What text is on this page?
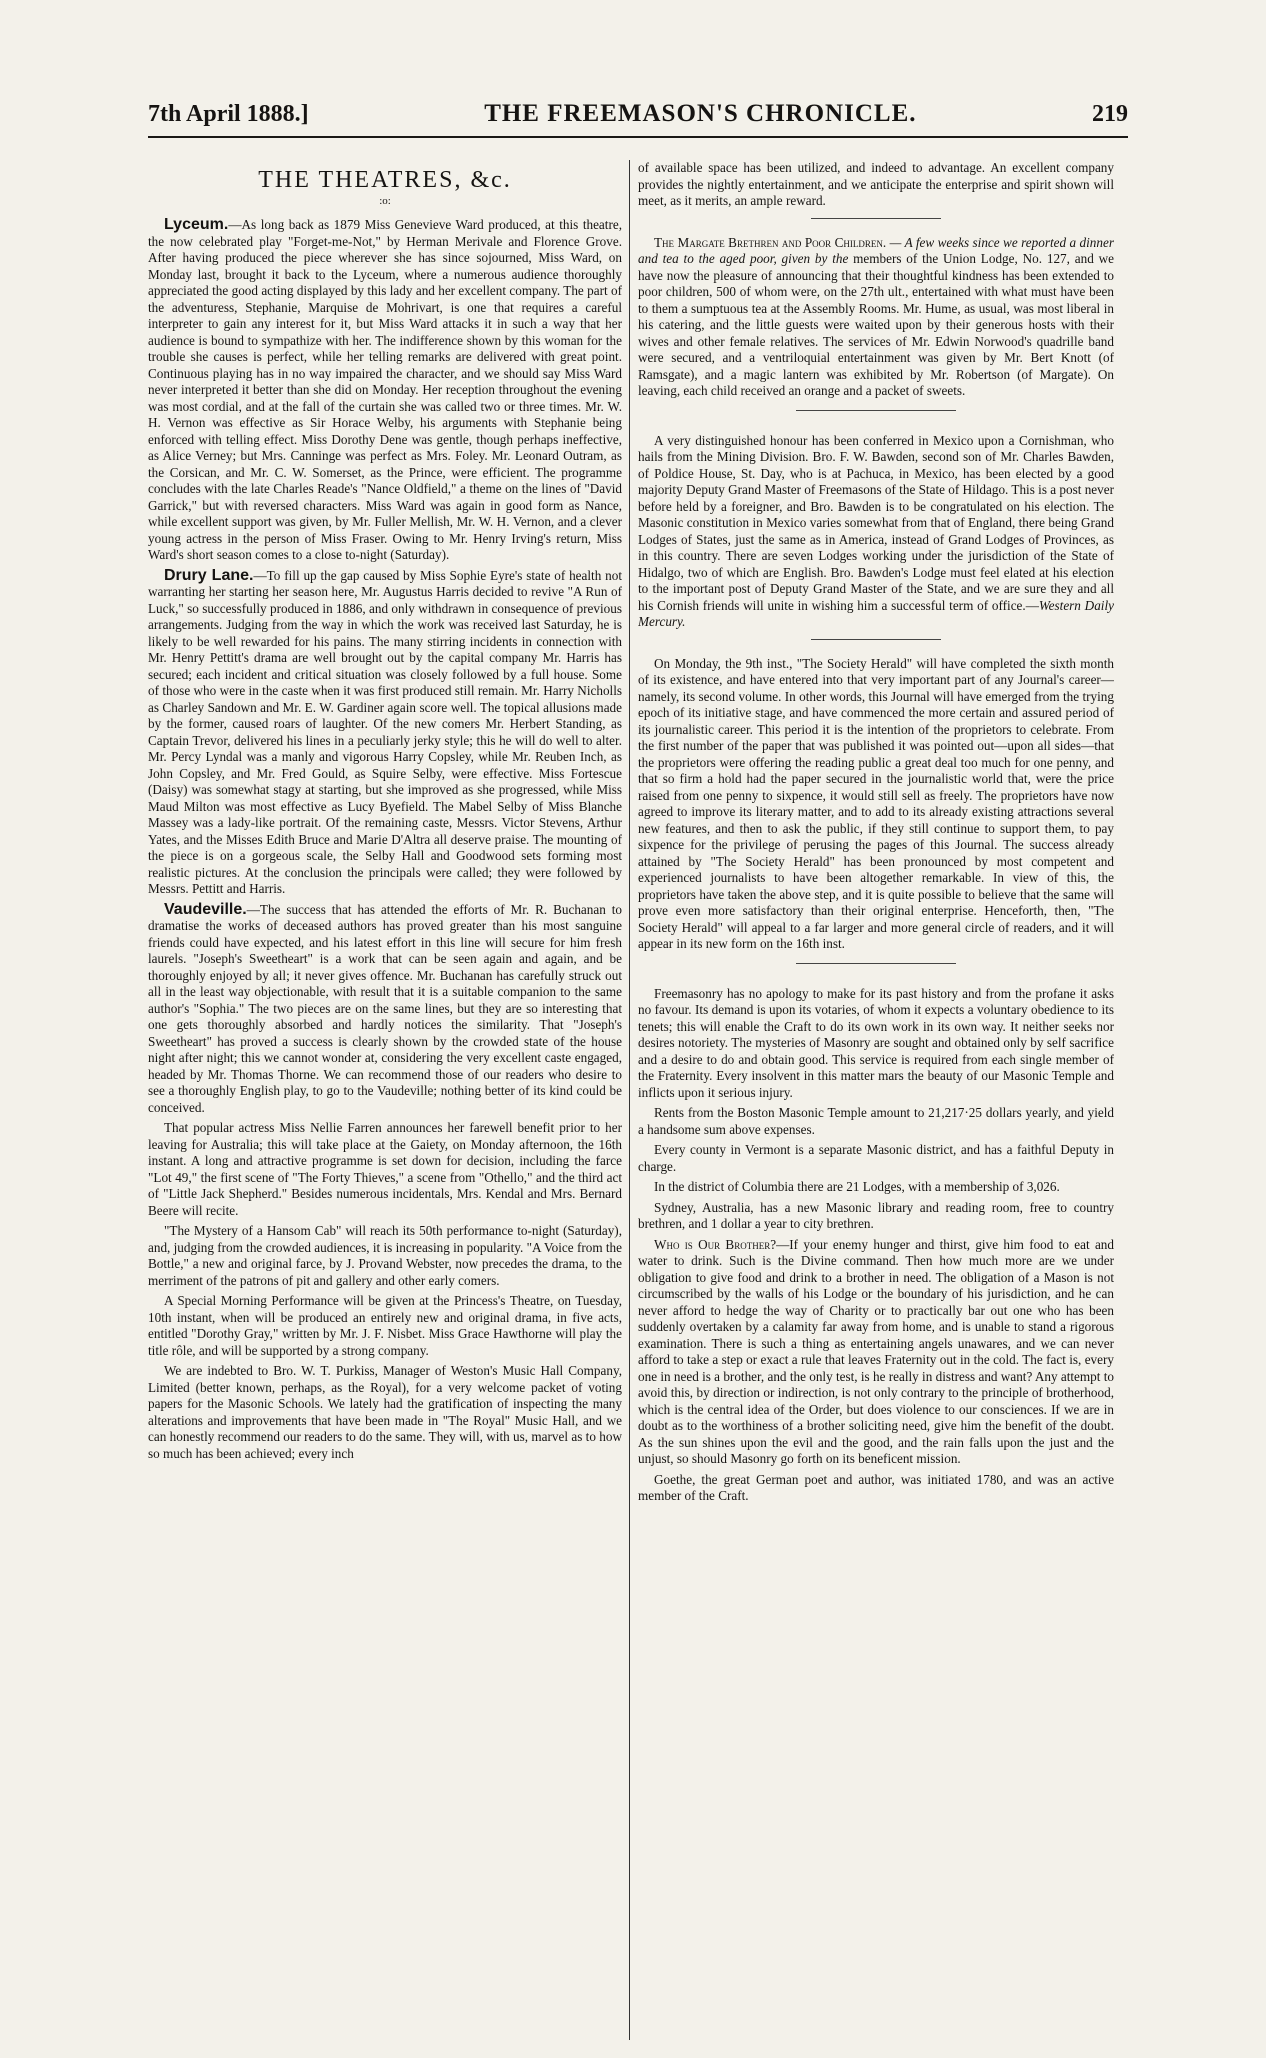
7th April 1888.]	THE FREEMASON'S CHRONICLE.	219
THE THEATRES, &c.
:o:

Lyceum.—As long back as 1879 Miss Genevieve Ward produced, at this theatre, the now celebrated play "Forget-me-Not," by Herman Merivale and Florence Grove. After having produced the piece wherever she has since sojourned, Miss Ward, on Monday last, brought it back to the Lyceum, where a numerous audience thoroughly appreciated the good acting displayed by this lady and her excellent company. The part of the adventuress, Stephanie, Marquise de Mohrivart, is one that requires a careful interpreter to gain any interest for it, but Miss Ward attacks it in such a way that her audience is bound to sympathize with her. The indifference shown by this woman for the trouble she causes is perfect, while her telling remarks are delivered with great point. Continuous playing has in no way impaired the character, and we should say Miss Ward never interpreted it better than she did on Monday. Her reception throughout the evening was most cordial, and at the fall of the curtain she was called two or three times. Mr. W. H. Vernon was effective as Sir Horace Welby, his arguments with Stephanie being enforced with telling effect. Miss Dorothy Dene was gentle, though perhaps ineffective, as Alice Verney; but Mrs. Canninge was perfect as Mrs. Foley. Mr. Leonard Outram, as the Corsican, and Mr. C. W. Somerset, as the Prince, were efficient. The programme concludes with the late Charles Reade's "Nance Oldfield," a theme on the lines of "David Garrick," but with reversed characters. Miss Ward was again in good form as Nance, while excellent support was given, by Mr. Fuller Mellish, Mr. W. H. Vernon, and a clever young actress in the person of Miss Fraser. Owing to Mr. Henry Irving's return, Miss Ward's short season comes to a close to-night (Saturday).

Drury Lane.—To fill up the gap caused by Miss Sophie Eyre's state of health not warranting her starting her season here, Mr. Augustus Harris decided to revive "A Run of Luck," so successfully produced in 1886, and only withdrawn in consequence of previous arrangements. Judging from the way in which the work was received last Saturday, he is likely to be well rewarded for his pains. The many stirring incidents in connection with Mr. Henry Pettitt's drama are well brought out by the capital company Mr. Harris has secured; each incident and critical situation was closely followed by a full house. Some of those who were in the caste when it was first produced still remain. Mr. Harry Nicholls as Charley Sandown and Mr. E. W. Gardiner again score well. The topical allusions made by the former, caused roars of laughter. Of the new comers Mr. Herbert Standing, as Captain Trevor, delivered his lines in a peculiarly jerky style; this he will do well to alter. Mr. Percy Lyndal was a manly and vigorous Harry Copsley, while Mr. Reuben Inch, as John Copsley, and Mr. Fred Gould, as Squire Selby, were effective. Miss Fortescue (Daisy) was somewhat stagy at starting, but she improved as she progressed, while Miss Maud Milton was most effective as Lucy Byefield. The Mabel Selby of Miss Blanche Massey was a lady-like portrait. Of the remaining caste, Messrs. Victor Stevens, Arthur Yates, and the Misses Edith Bruce and Marie D'Altra all deserve praise. The mounting of the piece is on a gorgeous scale, the Selby Hall and Goodwood sets forming most realistic pictures. At the conclusion the principals were called; they were followed by Messrs. Pettitt and Harris.

Vaudeville.—The success that has attended the efforts of Mr. R. Buchanan to dramatise the works of deceased authors has proved greater than his most sanguine friends could have expected, and his latest effort in this line will secure for him fresh laurels. "Joseph's Sweetheart" is a work that can be seen again and again, and be thoroughly enjoyed by all; it never gives offence. Mr. Buchanan has carefully struck out all in the least way objectionable, with result that it is a suitable companion to the same author's "Sophia." The two pieces are on the same lines, but they are so interesting that one gets thoroughly absorbed and hardly notices the similarity. That "Joseph's Sweetheart" has proved a success is clearly shown by the crowded state of the house night after night; this we cannot wonder at, considering the very excellent caste engaged, headed by Mr. Thomas Thorne. We can recommend those of our readers who desire to see a thoroughly English play, to go to the Vaudeville; nothing better of its kind could be conceived.

That popular actress Miss Nellie Farren announces her farewell benefit prior to her leaving for Australia; this will take place at the Gaiety, on Monday afternoon, the 16th instant. A long and attractive programme is set down for decision, including the farce "Lot 49," the first scene of "The Forty Thieves," a scene from "Othello," and the third act of "Little Jack Shepherd." Besides numerous incidentals, Mrs. Kendal and Mrs. Bernard Beere will recite.

"The Mystery of a Hansom Cab" will reach its 50th performance to-night (Saturday), and, judging from the crowded audiences, it is increasing in popularity. "A Voice from the Bottle," a new and original farce, by J. Provand Webster, now precedes the drama, to the merriment of the patrons of pit and gallery and other early comers.

A Special Morning Performance will be given at the Princess's Theatre, on Tuesday, 10th instant, when will be produced an entirely new and original drama, in five acts, entitled "Dorothy Gray," written by Mr. J. F. Nisbet. Miss Grace Hawthorne will play the title rôle, and will be supported by a strong company.

We are indebted to Bro. W. T. Purkiss, Manager of Weston's Music Hall Company, Limited (better known, perhaps, as the Royal), for a very welcome packet of voting papers for the Masonic Schools. We lately had the gratification of inspecting the many alterations and improvements that have been made in "The Royal" Music Hall, and we can honestly recommend our readers to do the same. They will, with us, marvel as to how so much has been achieved; every inch

of available space has been utilized, and indeed to advantage. An excellent company provides the nightly entertainment, and we anticipate the enterprise and spirit shown will meet, as it merits, an ample reward.

The Margate Brethren and Poor Children. — A few weeks since we reported a dinner and tea to the aged poor, given by the members of the Union Lodge, No. 127, and we have now the pleasure of announcing that their thoughtful kindness has been extended to poor children, 500 of whom were, on the 27th ult., entertained with what must have been to them a sumptuous tea at the Assembly Rooms. Mr. Hume, as usual, was most liberal in his catering, and the little guests were waited upon by their generous hosts with their wives and other female relatives. The services of Mr. Edwin Norwood's quadrille band were secured, and a ventriloquial entertainment was given by Mr. Bert Knott (of Ramsgate), and a magic lantern was exhibited by Mr. Robertson (of Margate). On leaving, each child received an orange and a packet of sweets.

A very distinguished honour has been conferred in Mexico upon a Cornishman, who hails from the Mining Division. Bro. F. W. Bawden, second son of Mr. Charles Bawden, of Poldice House, St. Day, who is at Pachuca, in Mexico, has been elected by a good majority Deputy Grand Master of Freemasons of the State of Hildago. This is a post never before held by a foreigner, and Bro. Bawden is to be congratulated on his election. The Masonic constitution in Mexico varies somewhat from that of England, there being Grand Lodges of States, just the same as in America, instead of Grand Lodges of Provinces, as in this country. There are seven Lodges working under the jurisdiction of the State of Hidalgo, two of which are English. Bro. Bawden's Lodge must feel elated at his election to the important post of Deputy Grand Master of the State, and we are sure they and all his Cornish friends will unite in wishing him a successful term of office.—Western Daily Mercury.

On Monday, the 9th inst., "The Society Herald" will have completed the sixth month of its existence, and have entered into that very important part of any Journal's career—namely, its second volume. In other words, this Journal will have emerged from the trying epoch of its initiative stage, and have commenced the more certain and assured period of its journalistic career. This period it is the intention of the proprietors to celebrate. From the first number of the paper that was published it was pointed out—upon all sides—that the proprietors were offering the reading public a great deal too much for one penny, and that so firm a hold had the paper secured in the journalistic world that, were the price raised from one penny to sixpence, it would still sell as freely. The proprietors have now agreed to improve its literary matter, and to add to its already existing attractions several new features, and then to ask the public, if they still continue to support them, to pay sixpence for the privilege of perusing the pages of this Journal. The success already attained by "The Society Herald" has been pronounced by most competent and experienced journalists to have been altogether remarkable. In view of this, the proprietors have taken the above step, and it is quite possible to believe that the same will prove even more satisfactory than their original enterprise. Henceforth, then, "The Society Herald" will appeal to a far larger and more general circle of readers, and it will appear in its new form on the 16th inst.

Freemasonry has no apology to make for its past history and from the profane it asks no favour. Its demand is upon its votaries, of whom it expects a voluntary obedience to its tenets; this will enable the Craft to do its own work in its own way. It neither seeks nor desires notoriety. The mysteries of Masonry are sought and obtained only by self sacrifice and a desire to do and obtain good. This service is required from each single member of the Fraternity. Every insolvent in this matter mars the beauty of our Masonic Temple and inflicts upon it serious injury.

Rents from the Boston Masonic Temple amount to 21,217·25 dollars yearly, and yield a handsome sum above expenses.

Every county in Vermont is a separate Masonic district, and has a faithful Deputy in charge.

In the district of Columbia there are 21 Lodges, with a membership of 3,026.

Sydney, Australia, has a new Masonic library and reading room, free to country brethren, and 1 dollar a year to city brethren.

Who is Our Brother?—If your enemy hunger and thirst, give him food to eat and water to drink. Such is the Divine command. Then how much more are we under obligation to give food and drink to a brother in need. The obligation of a Mason is not circumscribed by the walls of his Lodge or the boundary of his jurisdiction, and he can never afford to hedge the way of Charity or to practically bar out one who has been suddenly overtaken by a calamity far away from home, and is unable to stand a rigorous examination. There is such a thing as entertaining angels unawares, and we can never afford to take a step or exact a rule that leaves Fraternity out in the cold. The fact is, every one in need is a brother, and the only test, is he really in distress and want? Any attempt to avoid this, by direction or indirection, is not only contrary to the principle of brotherhood, which is the central idea of the Order, but does violence to our consciences. If we are in doubt as to the worthiness of a brother soliciting need, give him the benefit of the doubt. As the sun shines upon the evil and the good, and the rain falls upon the just and the unjust, so should Masonry go forth on its beneficent mission.

Goethe, the great German poet and author, was initiated 1780, and was an active member of the Craft.
